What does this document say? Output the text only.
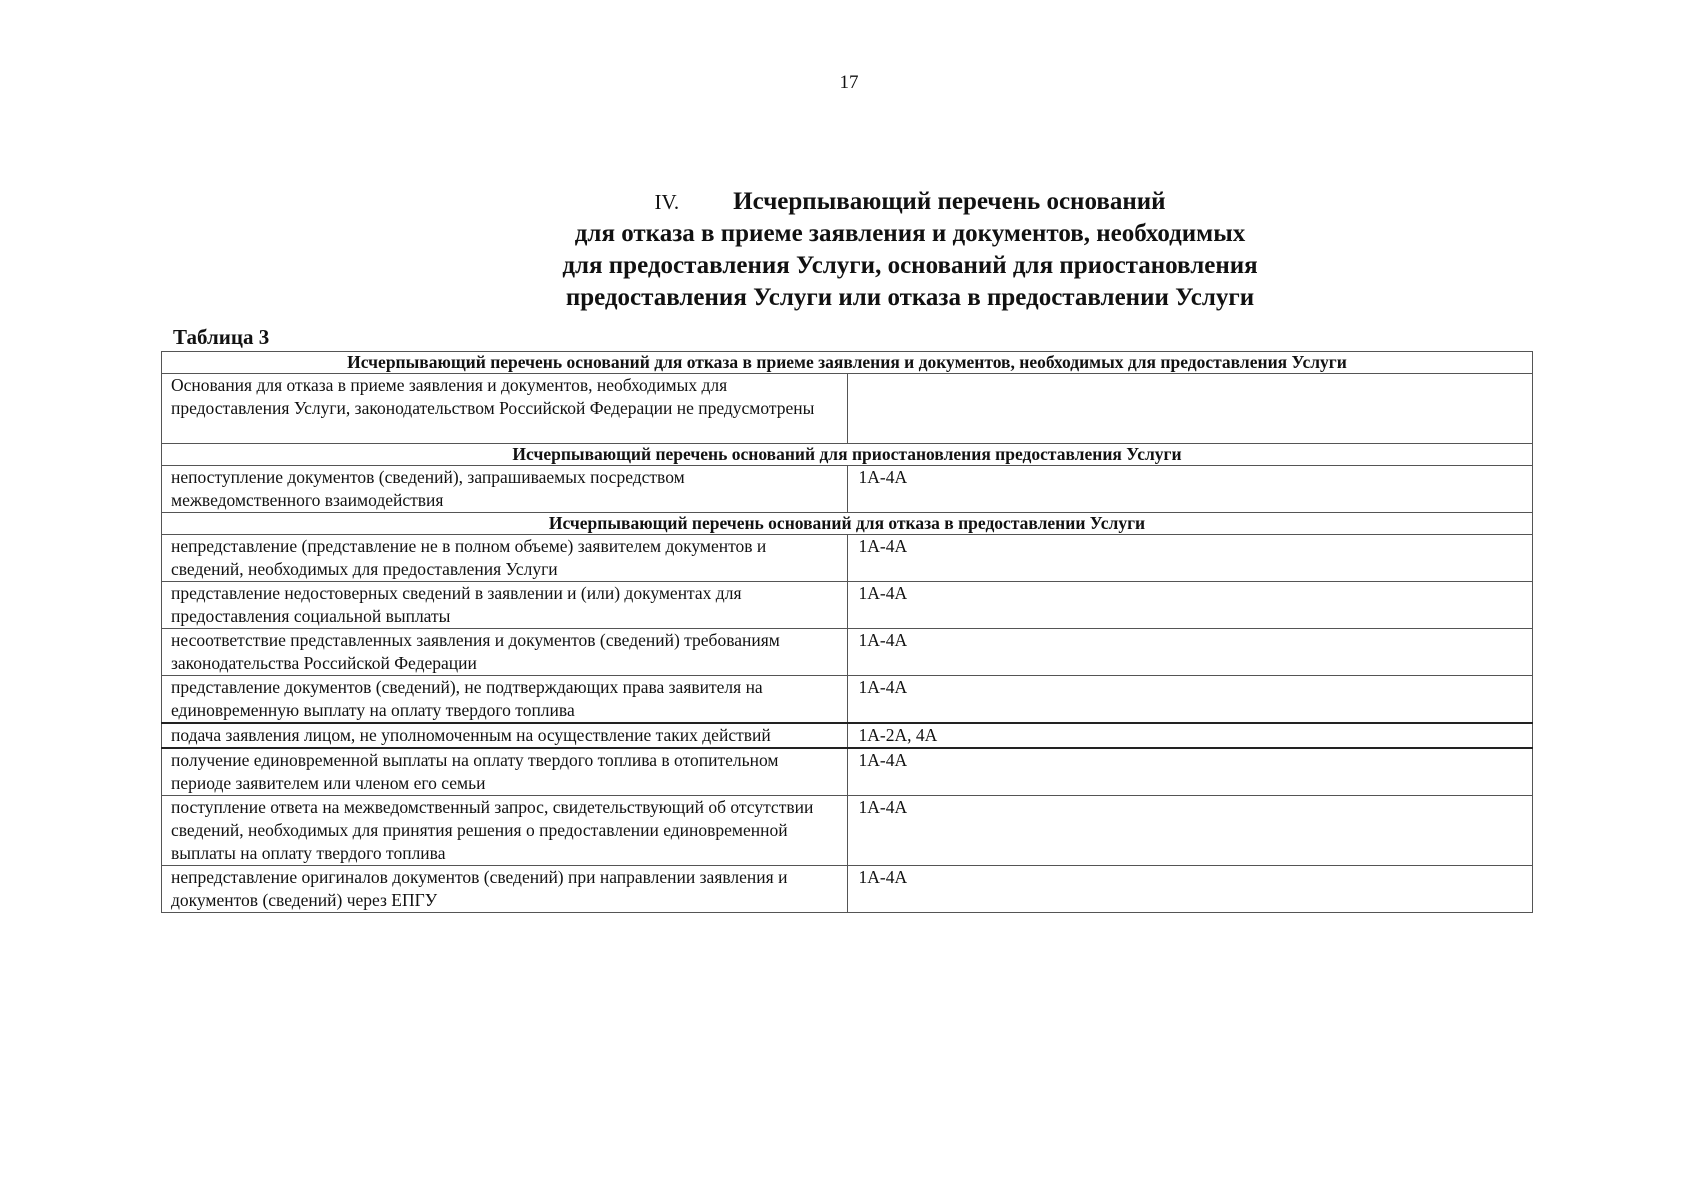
17
IV. Исчерпывающий перечень оснований
для отказа в приеме заявления и документов, необходимых
для предоставления Услуги, оснований для приостановления
предоставления Услуги или отказа в предоставлении Услуги
Таблица 3
Исчерпывающий перечень оснований для отказа в приеме заявления и документов, необходимых для предоставления Услуги	
Основания для отказа в приеме заявления и документов, необходимых для предоставления Услуги, законодательством Российской Федерации не предусмотрены	
Исчерпывающий перечень оснований для приостановления предоставления Услуги	
непоступление документов (сведений), запрашиваемых посредством межведомственного взаимодействия	1А-4А
Исчерпывающий перечень оснований для отказа в предоставлении Услуги	
непредставление (представление не в полном объеме) заявителем документов и сведений, необходимых для предоставления Услуги	1А-4А
представление недостоверных сведений в заявлении и (или) документах для предоставления социальной выплаты	1А-4А
несоответствие представленных заявления и документов (сведений) требованиям законодательства Российской Федерации	1А-4А
представление документов (сведений), не подтверждающих права заявителя на единовременную выплату на оплату твердого топлива	1А-4А
подача заявления лицом, не уполномоченным на осуществление таких действий	1А-2А, 4А
получение единовременной выплаты на оплату твердого топлива в отопительном периоде заявителем или членом его семьи	1А-4А
поступление ответа на межведомственный запрос, свидетельствующий об отсутствии сведений, необходимых для принятия решения о предоставлении единовременной выплаты на оплату твердого топлива	1А-4А
непредставление оригиналов документов (сведений) при направлении заявления и документов (сведений) через ЕПГУ	1А-4А
